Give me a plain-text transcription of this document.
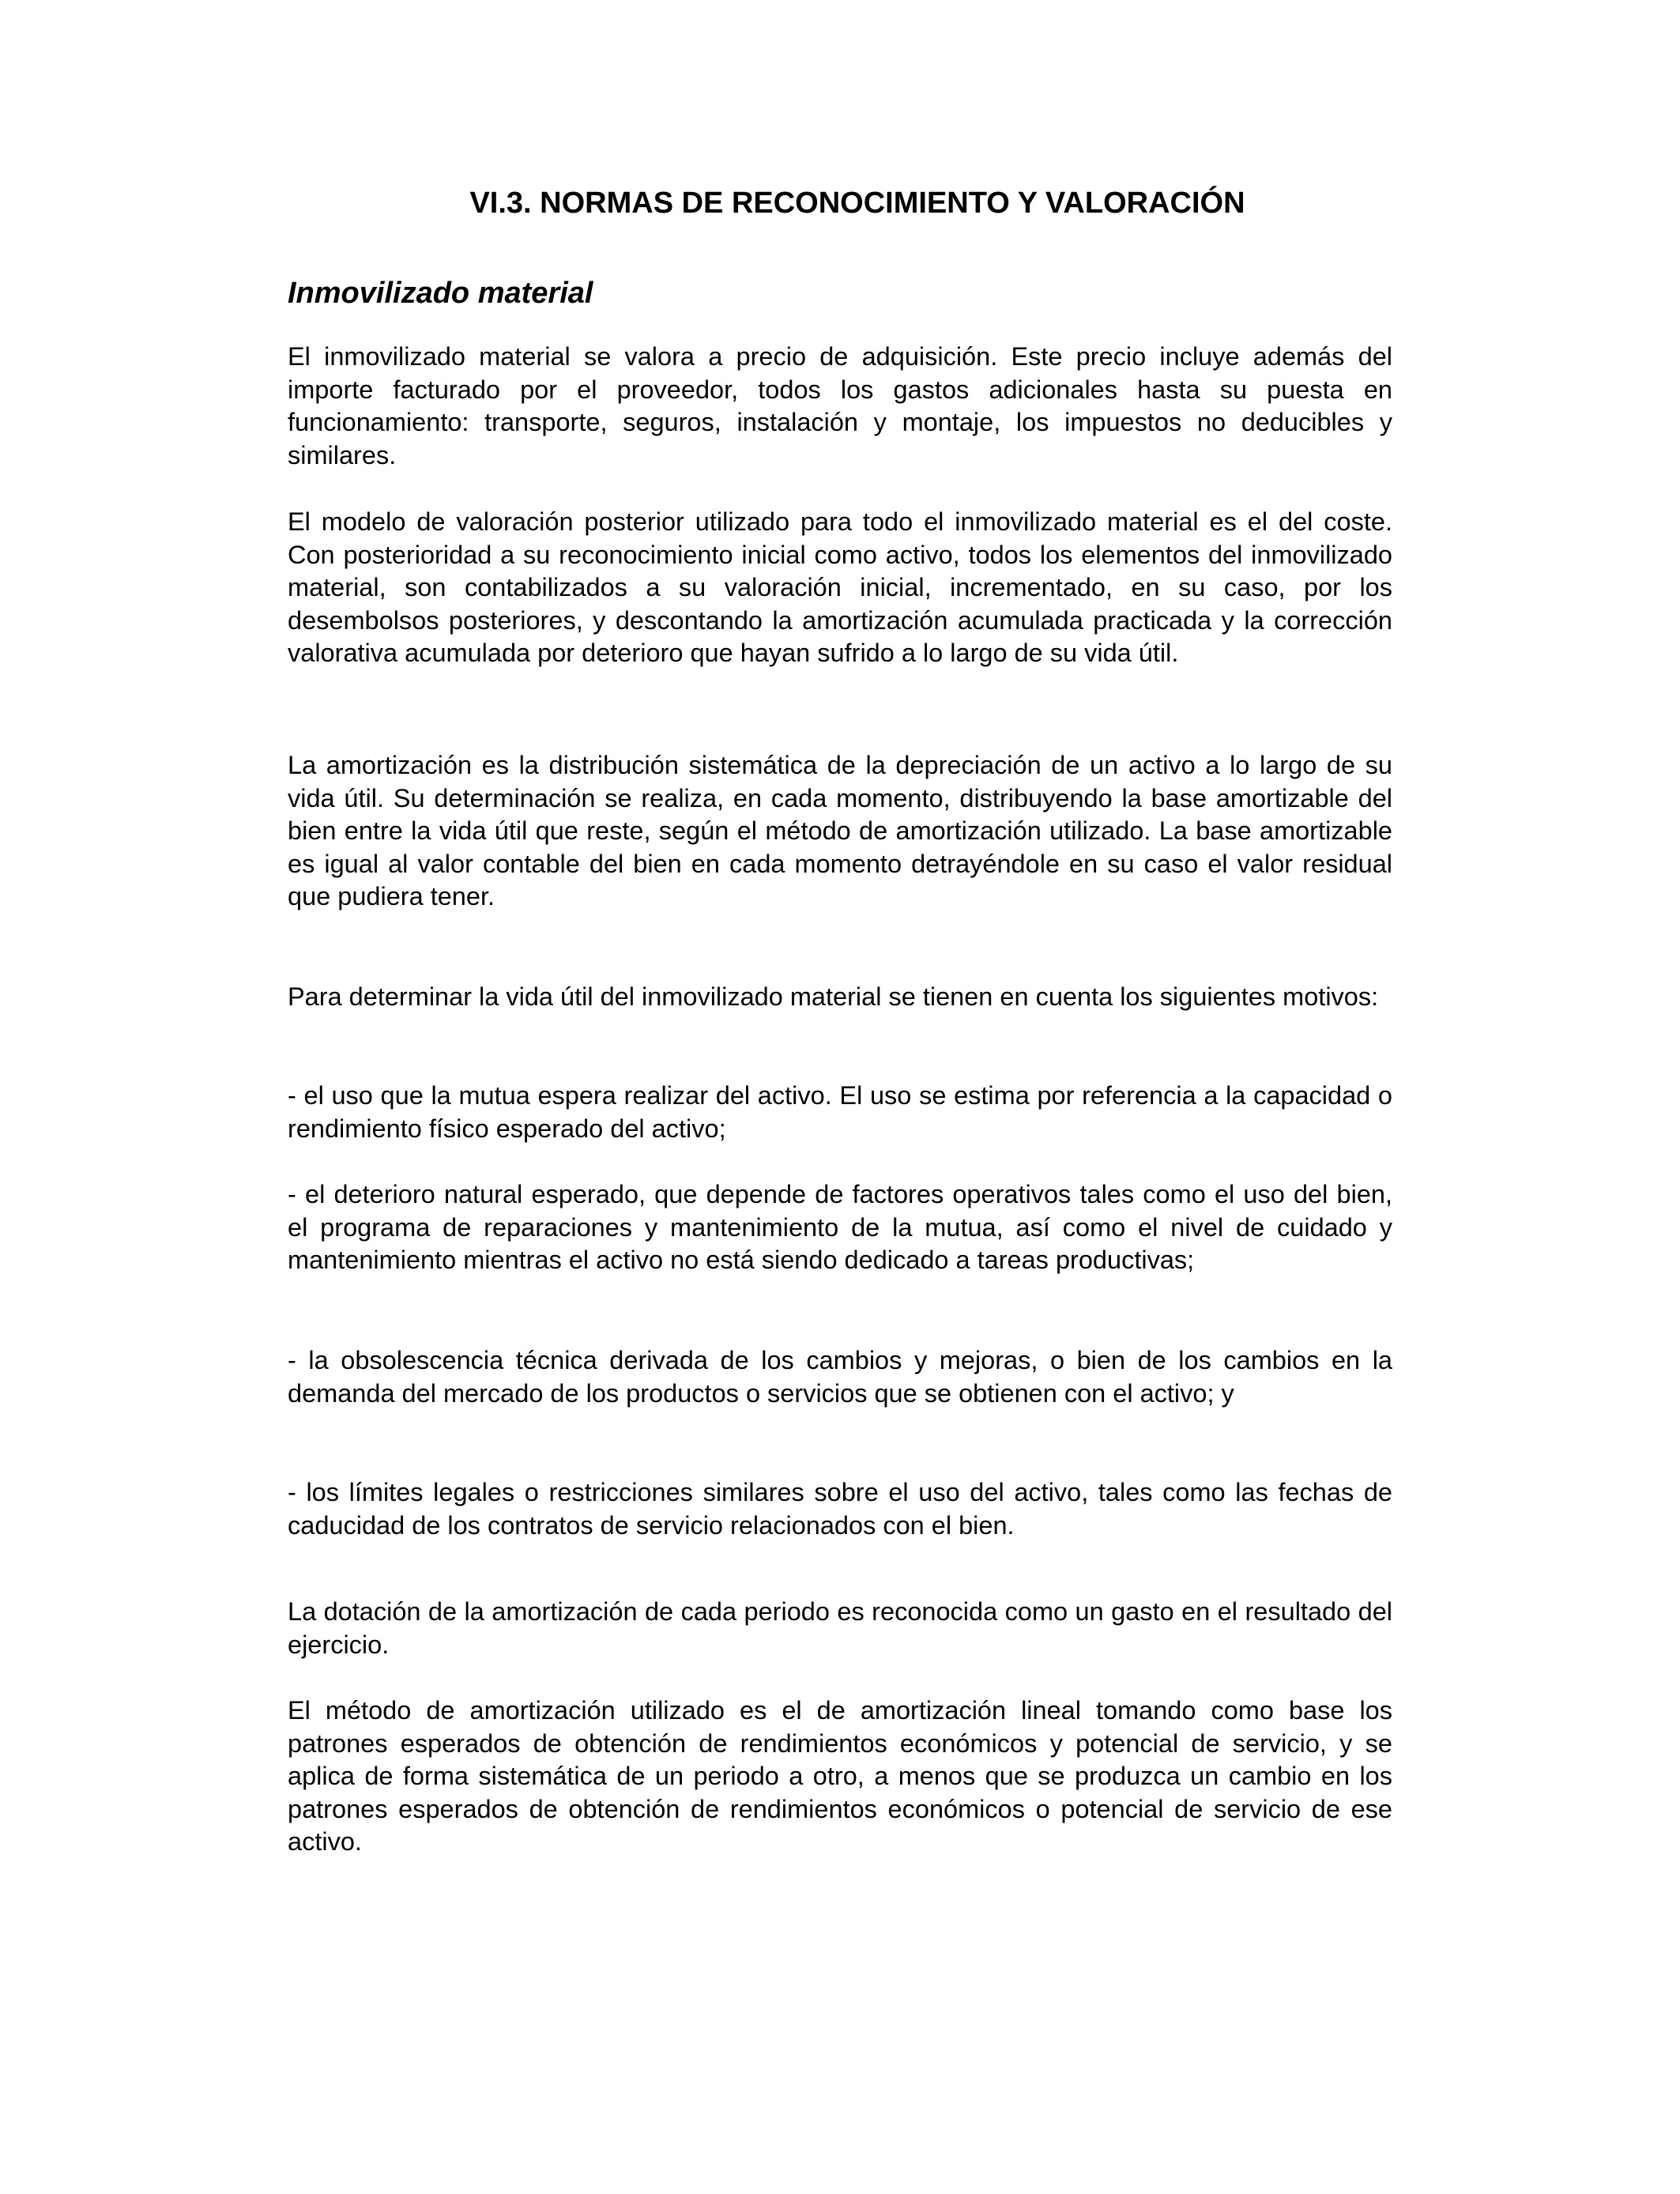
VI.3. NORMAS DE RECONOCIMIENTO Y VALORACIÓN
Inmovilizado material

El inmovilizado material se valora a precio de adquisición. Este precio incluye además del importe facturado por el proveedor, todos los gastos adicionales hasta su puesta en funcionamiento: transporte, seguros, instalación y montaje, los impuestos no deducibles y similares.

El modelo de valoración posterior utilizado para todo el inmovilizado material es el del coste. Con posterioridad a su reconocimiento inicial como activo, todos los elementos del inmovilizado material, son contabilizados a su valoración inicial, incrementado, en su caso, por los desembolsos posteriores, y descontando la amortización acumulada practicada y la corrección valorativa acumulada por deterioro que hayan sufrido a lo largo de su vida útil.

La amortización es la distribución sistemática de la depreciación de un activo a lo largo de su vida útil. Su determinación se realiza, en cada momento, distribuyendo la base amortizable del bien entre la vida útil que reste, según el método de amortización utilizado. La base amortizable es igual al valor contable del bien en cada momento detrayéndole en su caso el valor residual que pudiera tener.

Para determinar la vida útil del inmovilizado material se tienen en cuenta los siguientes motivos:

- el uso que la mutua espera realizar del activo. El uso se estima por referencia a la capacidad o rendimiento físico esperado del activo;

- el deterioro natural esperado, que depende de factores operativos tales como el uso del bien, el programa de reparaciones y mantenimiento de la mutua, así como el nivel de cuidado y mantenimiento mientras el activo no está siendo dedicado a tareas productivas;

- la obsolescencia técnica derivada de los cambios y mejoras, o bien de los cambios en la demanda del mercado de los productos o servicios que se obtienen con el activo; y

- los límites legales o restricciones similares sobre el uso del activo, tales como las fechas de caducidad de los contratos de servicio relacionados con el bien.

La dotación de la amortización de cada periodo es reconocida como un gasto en el resultado del ejercicio.

El método de amortización utilizado es el de amortización lineal tomando como base los patrones esperados de obtención de rendimientos económicos y potencial de servicio, y se aplica de forma sistemática de un periodo a otro, a menos que se produzca un cambio en los patrones esperados de obtención de rendimientos económicos o potencial de servicio de ese activo.
